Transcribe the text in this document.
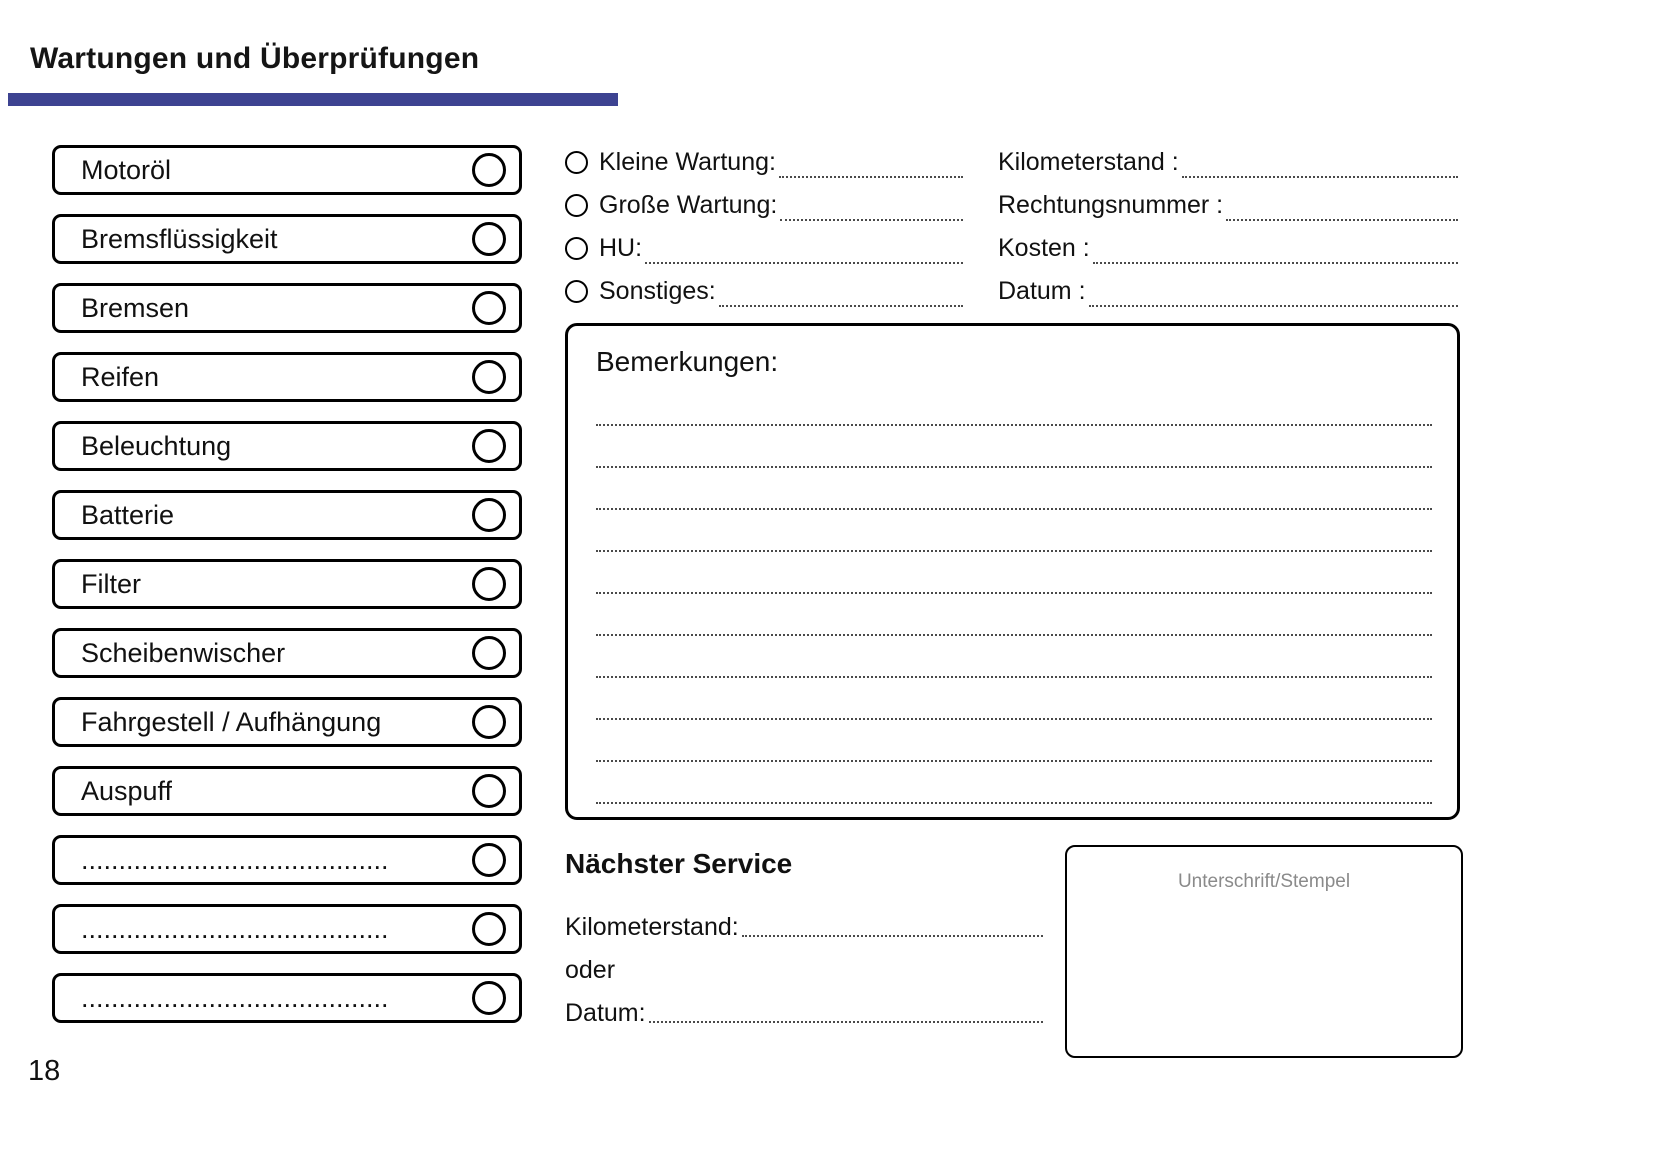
Wartungen und Überprüfungen
Motoröl
Bremsflüssigkeit
Bremsen
Reifen
Beleuchtung
Batterie
Filter
Scheibenwischer
Fahrgestell / Aufhängung
Auspuff
.........................................
.........................................
.........................................
Kleine Wartung:
Große Wartung:
HU:
Sonstiges:
Kilometerstand :
Rechtungsnummer :
Kosten :
Datum :
Bemerkungen:
Nächster Service
Kilometerstand:
oder
Datum:
Unterschrift/Stempel
18
